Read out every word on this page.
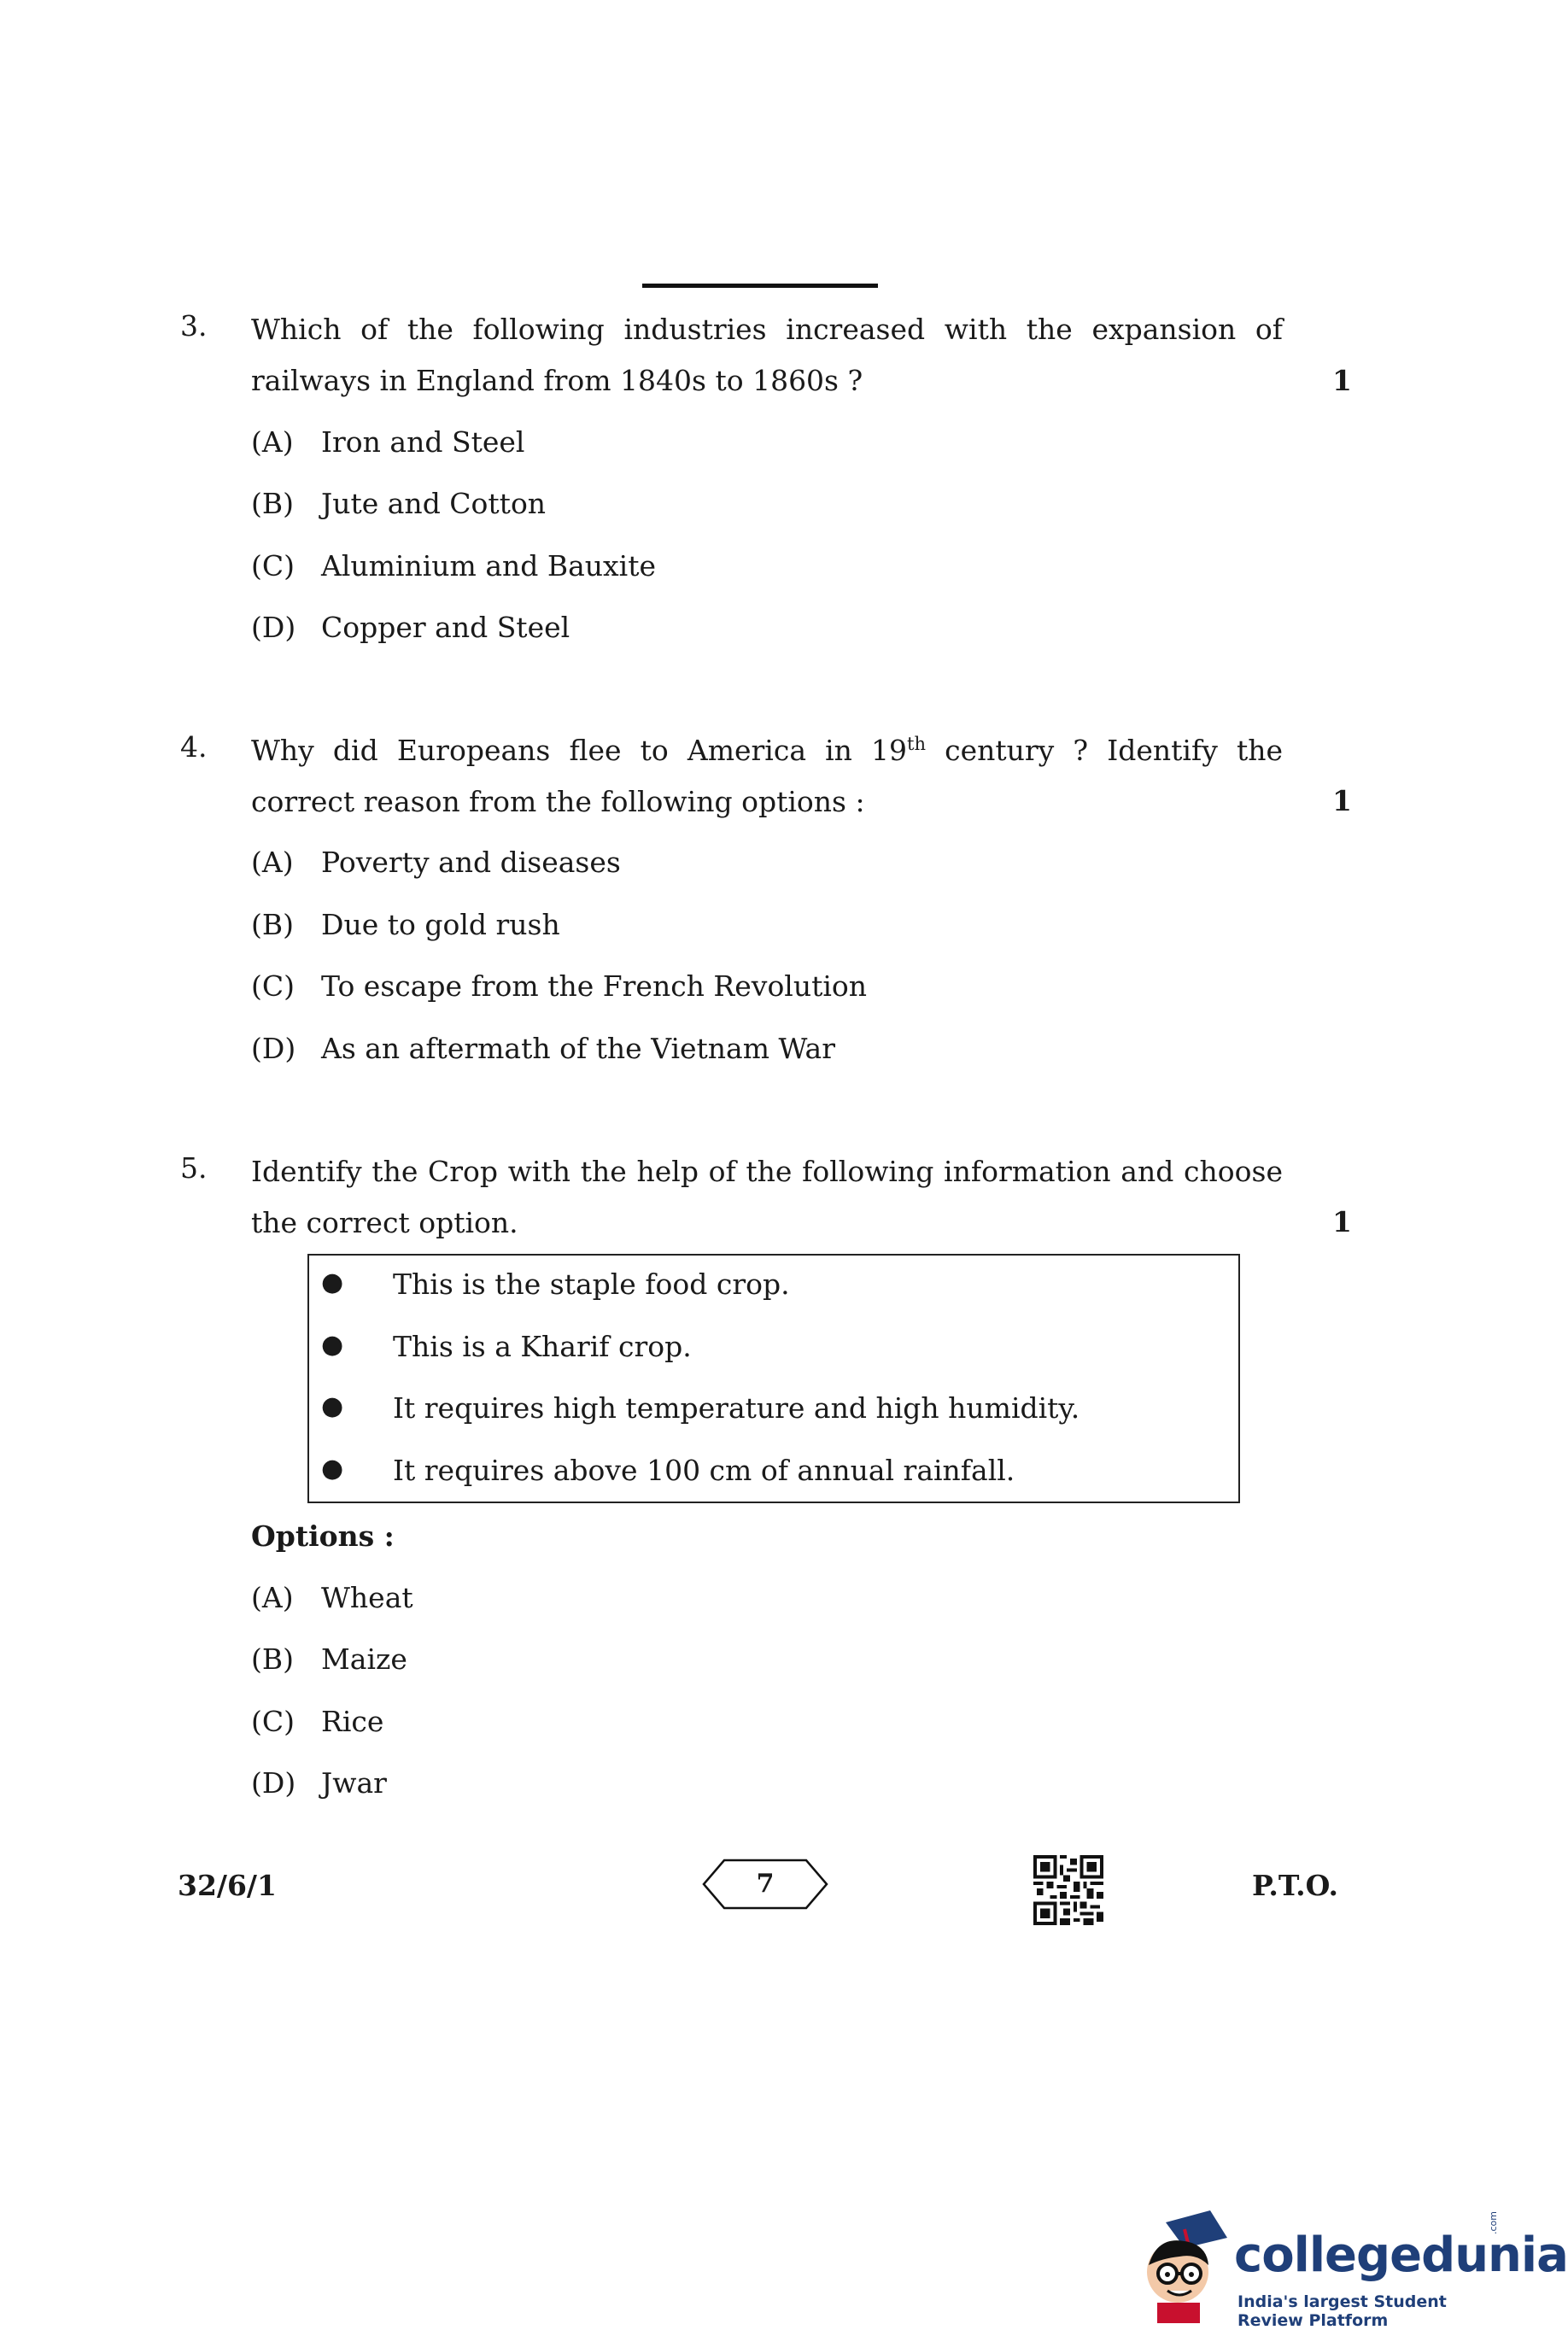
3. Which of the following industries increased with the expansion of railways in England from 1840s to 1860s ?	1
(A) Iron and Steel
(B) Jute and Cotton
(C) Aluminium and Bauxite
(D) Copper and Steel
4. Why did Europeans flee to America in 19th century ? Identify the correct reason from the following options :	1
(A) Poverty and diseases
(B) Due to gold rush
(C) To escape from the French Revolution
(D) As an aftermath of the Vietnam War
5. Identify the Crop with the help of the following information and choose the correct option.	1
● This is the staple food crop.
● This is a Kharif crop.
● It requires high temperature and high humidity.
● It requires above 100 cm of annual rainfall.
Options :
(A) Wheat
(B) Maize
(C) Rice
(D) Jwar
32/6/1	7	P.T.O.
collegedunia
.com
India's largest Student Review Platform
